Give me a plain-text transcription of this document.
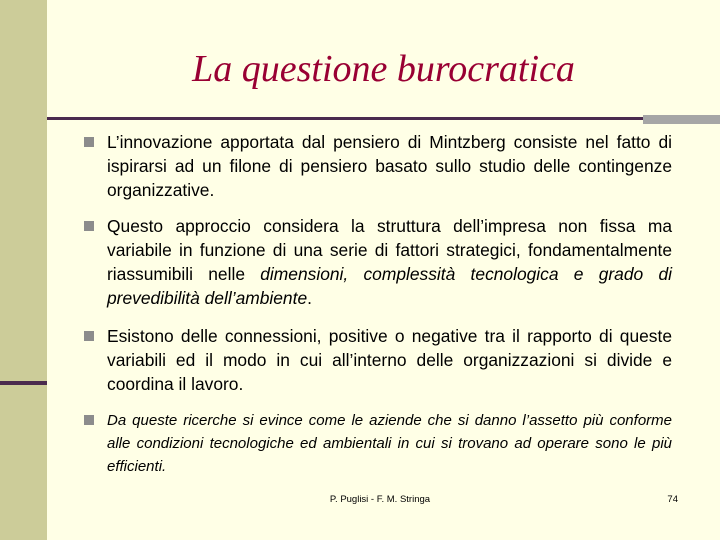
La questione burocratica
L’innovazione apportata dal pensiero di Mintzberg consiste nel fatto di ispirarsi ad un filone di pensiero basato sullo studio delle contingenze organizzative.
Questo approccio considera la struttura dell’impresa non fissa ma variabile in funzione di una serie di fattori strategici, fondamentalmente riassumibili nelle dimensioni, complessità tecnologica e grado di prevedibilità dell’ambiente.
Esistono delle connessioni, positive o negative tra il rapporto di queste variabili ed il modo in cui all’interno delle organizzazioni si divide e coordina il lavoro.
Da queste ricerche si evince come le aziende che si danno l’assetto più conforme alle condizioni tecnologiche ed ambientali in cui si trovano ad operare sono le più efficienti.
P. Puglisi - F. M. Stringa	74
